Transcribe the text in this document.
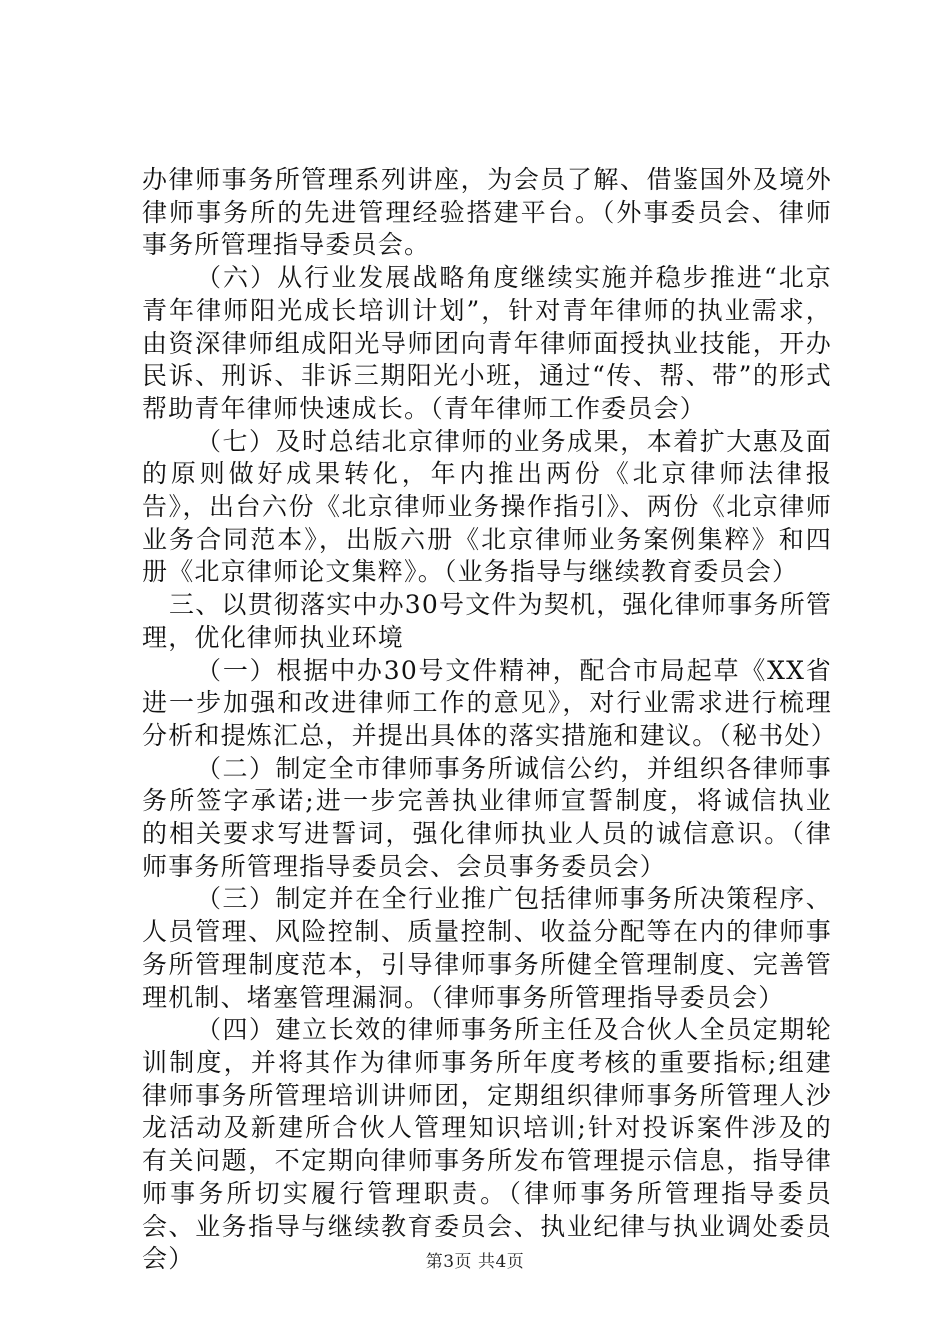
办律师事务所管理系列讲座，为会员了解、借鉴国外及境外律师事务所的先进管理经验搭建平台。（外事委员会、律师事务所管理指导委员会。

（六）从行业发展战略角度继续实施并稳步推进“北京青年律师阳光成长培训计划”，针对青年律师的执业需求，由资深律师组成阳光导师团向青年律师面授执业技能，开办民诉、刑诉、非诉三期阳光小班，通过“传、帮、带”的形式帮助青年律师快速成长。（青年律师工作委员会）

（七）及时总结北京律师的业务成果，本着扩大惠及面的原则做好成果转化，年内推出两份《北京律师法律报告》，出台六份《北京律师业务操作指引》、两份《北京律师业务合同范本》，出版六册《北京律师业务案例集粹》和四册《北京律师论文集粹》。（业务指导与继续教育委员会）

三、以贯彻落实中办30号文件为契机，强化律师事务所管理，优化律师执业环境

（一）根据中办30号文件精神，配合市局起草《XX省进一步加强和改进律师工作的意见》，对行业需求进行梳理分析和提炼汇总，并提出具体的落实措施和建议。（秘书处）

（二）制定全市律师事务所诚信公约，并组织各律师事务所签字承诺;进一步完善执业律师宣誓制度，将诚信执业的相关要求写进誓词，强化律师执业人员的诚信意识。（律师事务所管理指导委员会、会员事务委员会）

（三）制定并在全行业推广包括律师事务所决策程序、人员管理、风险控制、质量控制、收益分配等在内的律师事务所管理制度范本，引导律师事务所健全管理制度、完善管理机制、堵塞管理漏洞。（律师事务所管理指导委员会）

（四）建立长效的律师事务所主任及合伙人全员定期轮训制度，并将其作为律师事务所年度考核的重要指标;组建律师事务所管理培训讲师团，定期组织律师事务所管理人沙龙活动及新建所合伙人管理知识培训;针对投诉案件涉及的有关问题，不定期向律师事务所发布管理提示信息，指导律师事务所切实履行管理职责。（律师事务所管理指导委员会、业务指导与继续教育委员会、执业纪律与执业调处委员会）	第3页 共4页
